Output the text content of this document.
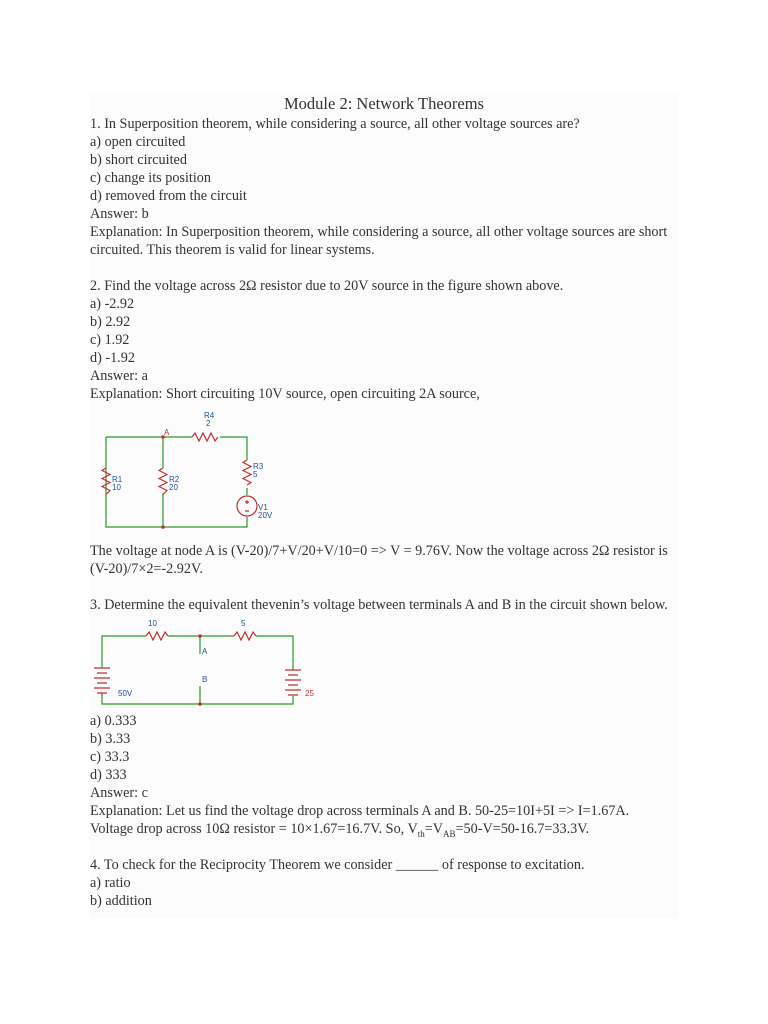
Module 2: Network Theorems
1. In Superposition theorem, while considering a source, all other voltage sources are?
a) open circuited
b) short circuited
c) change its position
d) removed from the circuit
Answer: b
Explanation: In Superposition theorem, while considering a source, all other voltage sources are short circuited. This theorem is valid for linear systems.
2. Find the voltage across 2Ω resistor due to 20V source in the figure shown above.
a) -2.92
b) 2.92
c) 1.92
d) -1.92
Answer: a
Explanation: Short circuiting 10V source, open circuiting 2A source,
R4
2
A
R3
5
R1
10
R2
20
V1
20V
The voltage at node A is (V-20)/7+V/20+V/10=0 => V = 9.76V. Now the voltage across 2Ω resistor is (V-20)/7×2=-2.92V.
3. Determine the equivalent thevenin’s voltage between terminals A and B in the circuit shown below.
10	5
A
B
50V	25
a) 0.333
b) 3.33
c) 33.3
d) 333
Answer: c
Explanation: Let us find the voltage drop across terminals A and B. 50-25=10I+5I => I=1.67A.
Voltage drop across 10Ω resistor = 10×1.67=16.7V. So, $V_{th}=V_{AB}=50-V=50-16.7=33.3V$.
4. To check for the Reciprocity Theorem we consider ______ of response to excitation.
a) ratio
b) addition
